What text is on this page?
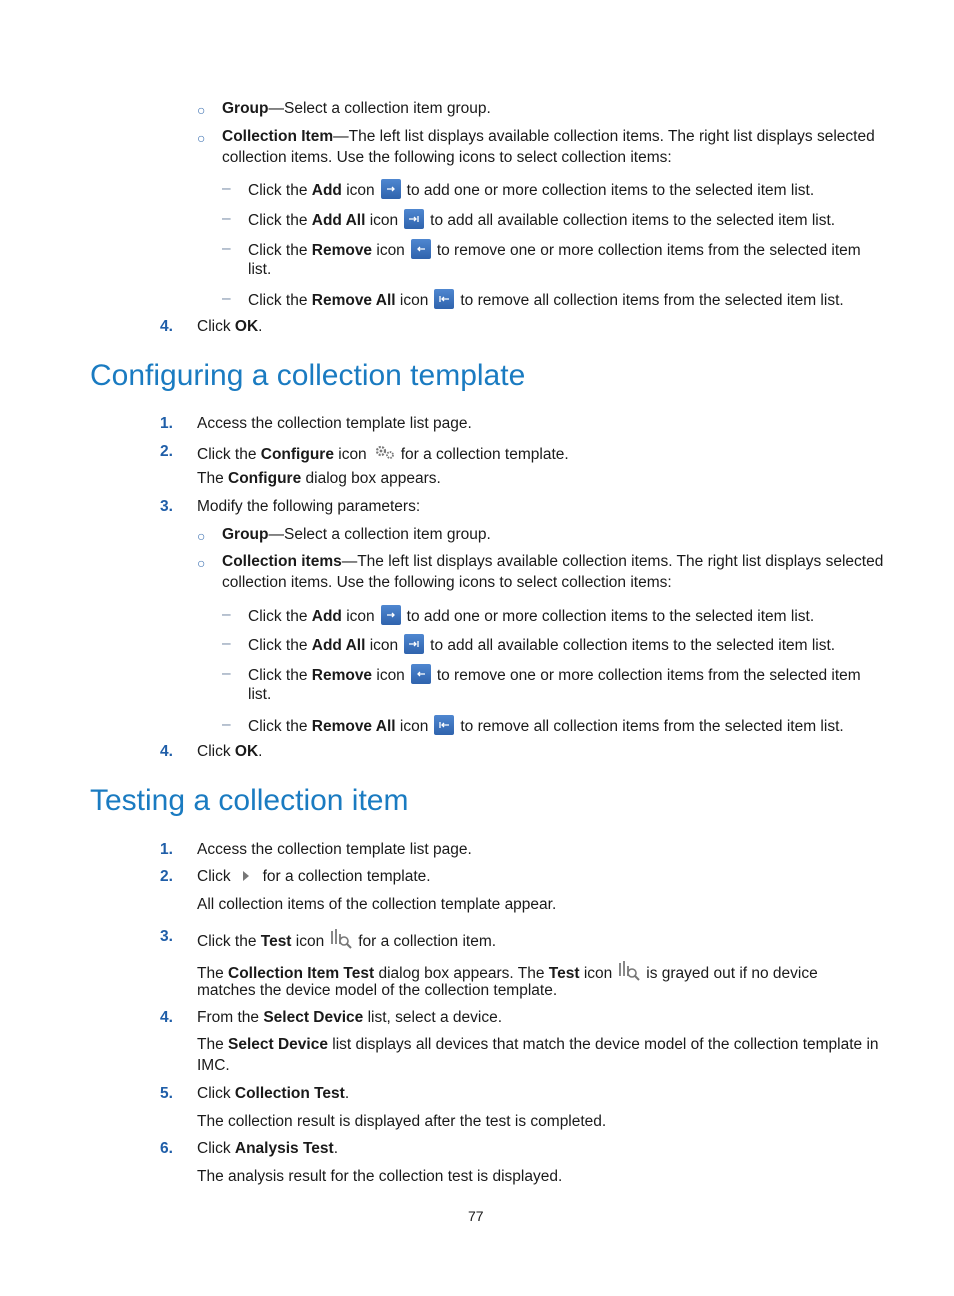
○ Group—Select a collection item group.
○ Collection Item—The left list displays available collection items. The right list displays selected
collection items. Use the following icons to select collection items:
– Click the Add icon to add one or more collection items to the selected item list.
– Click the Add All icon to add all available collection items to the selected item list.
– Click the Remove icon to remove one or more collection items from the selected item
list.
– Click the Remove All icon to remove all collection items from the selected item list.
4. Click OK.
Configuring a collection template
1. Access the collection template list page.
2. Click the Configure icon for a collection template.
The Configure dialog box appears.
3. Modify the following parameters:
○ Group—Select a collection item group.
○ Collection items—The left list displays available collection items. The right list displays selected
collection items. Use the following icons to select collection items:
– Click the Add icon to add one or more collection items to the selected item list.
– Click the Add All icon to add all available collection items to the selected item list.
– Click the Remove icon to remove one or more collection items from the selected item
list.
– Click the Remove All icon to remove all collection items from the selected item list.
4. Click OK.
Testing a collection item
1. Access the collection template list page.
2. Click for a collection template.
All collection items of the collection template appear.
3. Click the Test icon for a collection item.
The Collection Item Test dialog box appears. The Test icon is grayed out if no device
matches the device model of the collection template.
4. From the Select Device list, select a device.
The Select Device list displays all devices that match the device model of the collection template in
IMC.
5. Click Collection Test.
The collection result is displayed after the test is completed.
6. Click Analysis Test.
The analysis result for the collection test is displayed.
77
